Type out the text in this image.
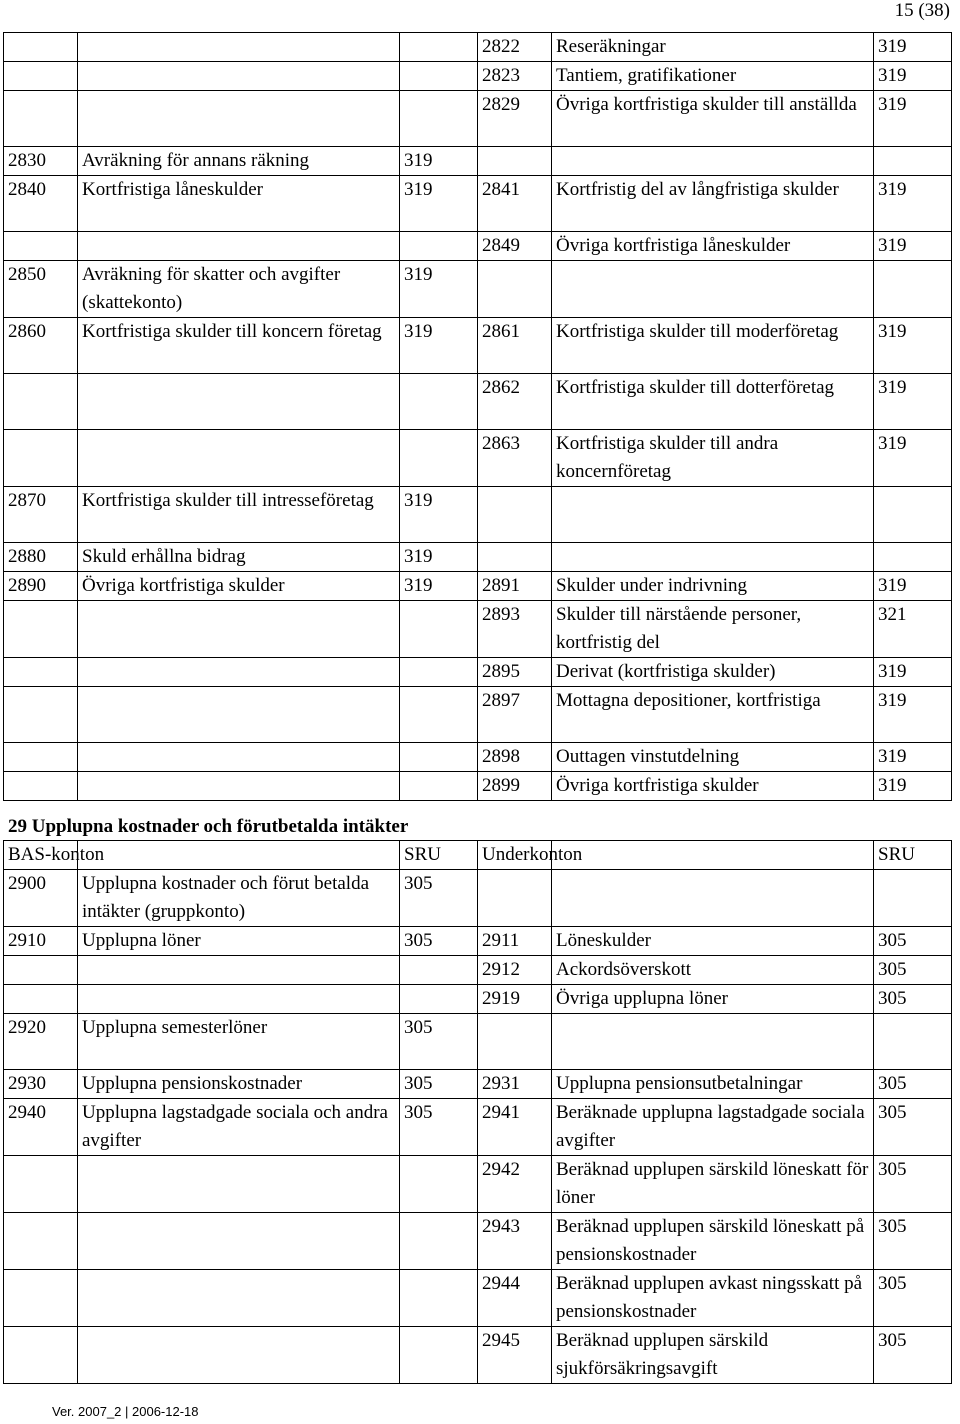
15 (38)

			2822	Reseräkningar	319

			2823	Tantiem, gratifikationer	319

			2829	Övriga kortfristiga skulder till anställda	319

2830	Avräkning för annans räkning	319			

2840	Kortfristiga låneskulder	319	2841	Kortfristig del av långfristiga skulder	319

			2849	Övriga kortfristiga låneskulder	319

2850	Avräkning för skatter och avgifter (skattekonto)	319			

2860	Kortfristiga skulder till koncern företag	319	2861	Kortfristiga skulder till moderföretag	319

			2862	Kortfristiga skulder till dotterföretag	319

			2863	Kortfristiga skulder till andra koncernföretag	319

2870	Kortfristiga skulder till intresseföretag	319			

2880	Skuld erhållna bidrag	319			

2890	Övriga kortfristiga skulder	319	2891	Skulder under indrivning	319

			2893	Skulder till närstående personer, kortfristig del	321

			2895	Derivat (kortfristiga skulder)	319

			2897	Mottagna depositioner, kortfristiga	319

			2898	Outtagen vinstutdelning	319

			2899	Övriga kortfristiga skulder	319
29 Upplupna kostnader och förutbetalda intäkter
BAS-konton		SRU	Underkonton		SRU

2900	Upplupna kostnader och förut betalda intäkter (gruppkonto)	305			

2910	Upplupna löner	305	2911	Löneskulder	305

			2912	Ackordsöverskott	305

			2919	Övriga upplupna löner	305

2920	Upplupna semesterlöner	305			

2930	Upplupna pensionskostnader	305	2931	Upplupna pensionsutbetalningar	305

2940	Upplupna lagstadgade sociala och andra avgifter	305	2941	Beräknade upplupna lagstadgade sociala avgifter	305

			2942	Beräknad upplupen särskild löneskatt för löner	305

			2943	Beräknad upplupen särskild löneskatt på pensionskostnader	305

			2944	Beräknad upplupen avkast ningsskatt på pensionskostnader	305

			2945	Beräknad upplupen särskild sjukförsäkringsavgift	305
Ver. 2007_2 | 2006-12-18
